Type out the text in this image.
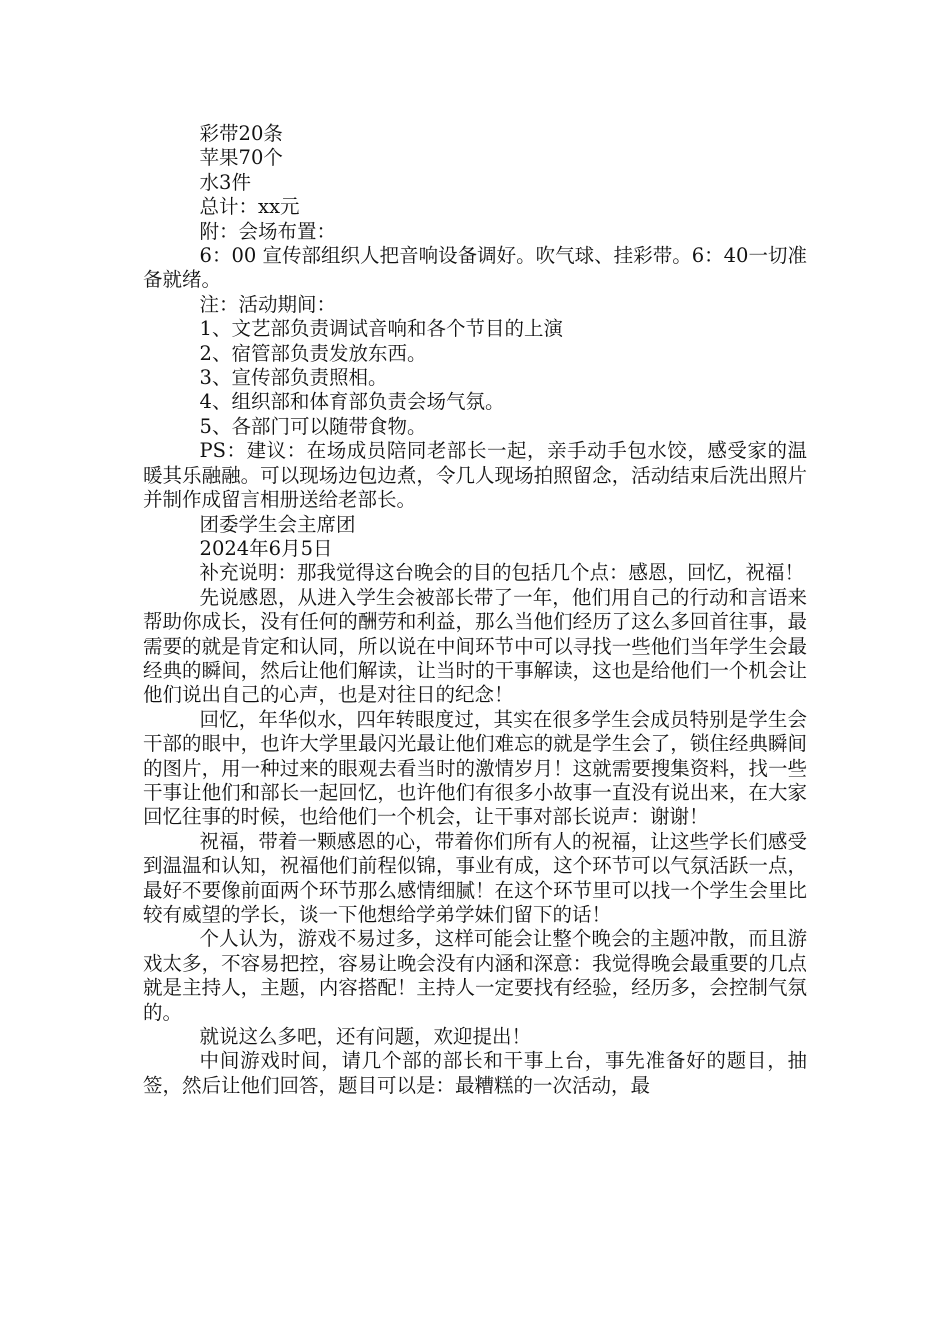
彩带20条

苹果70个

水3件

总计：xx元

附：会场布置：

6：00 宣传部组织人把音响设备调好。吹气球、挂彩带。6：40一切准备就绪。

注：活动期间：

1、文艺部负责调试音响和各个节目的上演

2、宿管部负责发放东西。

3、宣传部负责照相。

4、组织部和体育部负责会场气氛。

5、各部门可以随带食物。

PS：建议：在场成员陪同老部长一起，亲手动手包水饺，感受家的温暖其乐融融。可以现场边包边煮，令几人现场拍照留念，活动结束后洗出照片并制作成留言相册送给老部长。

团委学生会主席团

2024年6月5日

补充说明：那我觉得这台晚会的目的包括几个点：感恩，回忆，祝福！

先说感恩，从进入学生会被部长带了一年，他们用自己的行动和言语来帮助你成长，没有任何的酬劳和利益，那么当他们经历了这么多回首往事，最需要的就是肯定和认同，所以说在中间环节中可以寻找一些他们当年学生会最经典的瞬间，然后让他们解读，让当时的干事解读，这也是给他们一个机会让他们说出自己的心声，也是对往日的纪念！

回忆，年华似水，四年转眼度过，其实在很多学生会成员特别是学生会干部的眼中，也许大学里最闪光最让他们难忘的就是学生会了，锁住经典瞬间的图片，用一种过来的眼观去看当时的激情岁月！这就需要搜集资料，找一些干事让他们和部长一起回忆，也许他们有很多小故事一直没有说出来，在大家回忆往事的时候，也给他们一个机会，让干事对部长说声：谢谢！

祝福，带着一颗感恩的心，带着你们所有人的祝福，让这些学长们感受到温温和认知，祝福他们前程似锦，事业有成，这个环节可以气氛活跃一点，最好不要像前面两个环节那么感情细腻！在这个环节里可以找一个学生会里比较有威望的学长，谈一下他想给学弟学妹们留下的话！

个人认为，游戏不易过多，这样可能会让整个晚会的主题冲散，而且游戏太多，不容易把控，容易让晚会没有内涵和深意：我觉得晚会最重要的几点就是主持人，主题，内容搭配！主持人一定要找有经验，经历多，会控制气氛的。

就说这么多吧，还有问题，欢迎提出！

中间游戏时间，请几个部的部长和干事上台，事先准备好的题目，抽签，然后让他们回答，题目可以是：最糟糕的一次活动，最
